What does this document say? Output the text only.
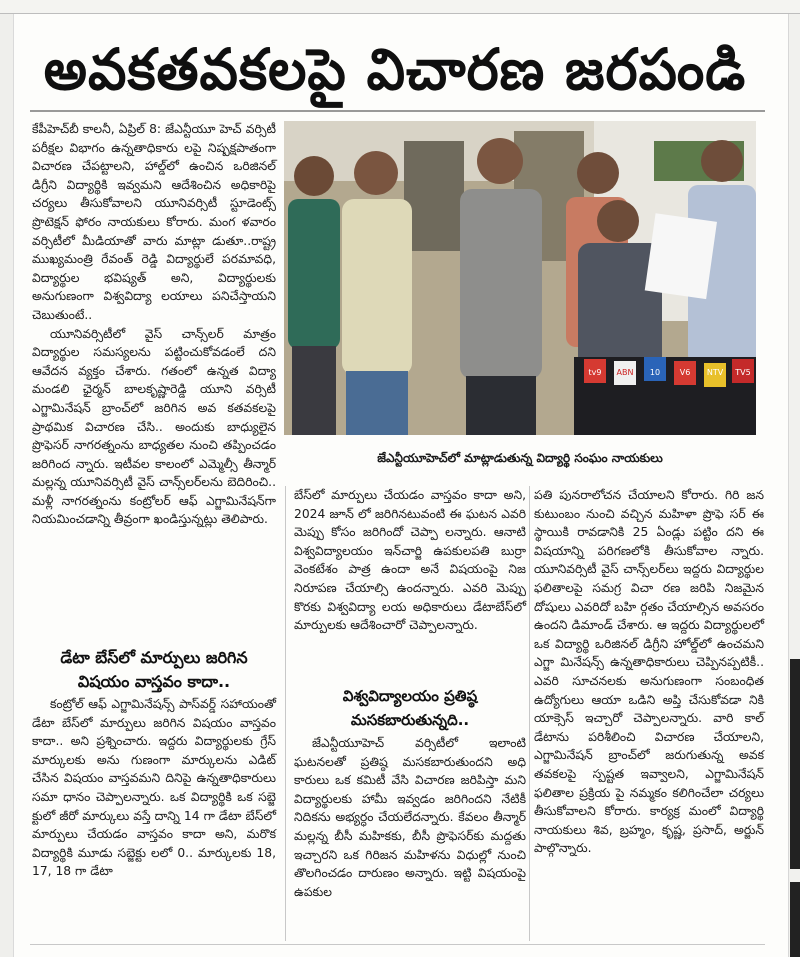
అవకతవకలపై విచారణ జరపండి

కేపీహెచ్‌బీ కాలనీ, ఏప్రిల్ 8: జేఎన్టీయూ హెచ్ వర్సిటీ పరీక్షల విభాగం ఉన్నతాధికారు లపై నిష్పక్షపాతంగా విచారణ చేపట్టాలని, హాల్డ్‌లో ఉంచిన ఒరిజినల్ డిగ్రీని విద్యార్థికి ఇవ్వమని ఆదేశించిన అధికారిపై చర్యలు తీసుకోవాలని యూనివర్సిటీ స్టూడెంట్స్ ప్రొటెక్షన్ ఫోరం నాయకులు కోరారు. మంగ ళవారం వర్సిటీలో మీడియాతో వారు మాట్లా డుతూ..రాష్ట్ర ముఖ్యమంత్రి రేవంత్ రెడ్డి విద్యార్థులే పరమావధి, విద్యార్థుల భవిష్యత్ అని, విద్యార్థులకు అనుగుణంగా విశ్వవిద్యా లయాలు పనిచేస్తాయని చెబుతుంటే..

యూనివర్సిటీలో వైస్ చాన్స్‌లర్ మాత్రం విద్యార్థుల సమస్యలను పట్టించుకోవడంలే దని ఆవేదన వ్యక్తం చేశారు. గతంలో ఉన్నత విద్యా మండలి ఛైర్మన్ బాలకృష్ణారెడ్డి యూని వర్సిటీ ఎగ్జామినేషన్ బ్రాంచ్‌లో జరిగిన అవ కతవకలపై ప్రాథమిక విచారణ చేసి.. అందుకు బాధ్యులైన ప్రొఫెసర్ నాగరత్నంను బాధ్యతల నుంచి తప్పించడం జరిగింద న్నారు. ఇటీవల కాలంలో ఎమ్మెల్సీ తీన్మార్ మల్లన్న యూనివర్సిటీ వైస్ చాన్స్‌లర్‌లను బెదిరించి.. మళ్లీ నాగరత్నంను కంట్రోలర్ ఆఫ్ ఎగ్జామినేషన్‌గా నియమించడాన్ని తీవ్రంగా ఖండిస్తున్నట్లు తెలిపారు.

డేటా బేస్‌లో మార్పులు జరిగిన విషయం వాస్తవం కాదా..

కంట్రోల్ ఆఫ్ ఎగ్జామినేషన్స్ పాస్‌వర్డ్ సహాయంతో డేటా బేస్‌లో మార్పులు జరిగిన విషయం వాస్తవం కాదా.. అని ప్రశ్నించారు. ఇద్దరు విద్యార్థులకు గ్రేస్ మార్కులకు అను గుణంగా మార్కులను ఎడిట్ చేసిన విషయం వాస్తవమని దినిపై ఉన్నతాధికారులు సమా ధానం చెప్పాలన్నారు. ఒక విద్యార్థికి ఒక సబ్జె క్టులో జీరో మార్కులు వస్తే దాన్ని 14 గా డేటా బేస్‌లో మార్పులు చేయడం వాస్తవం కాదా అని, మరొక విద్యార్థికి మూడు సబ్జెక్టు లలో 0.. మార్కులకు 18, 17, 18 గా డేటా

tv9 ABN 10 V6 NTV TV5
జేఎన్టీయూహెచ్‌లో మాట్లాడుతున్న విద్యార్థి సంఘం నాయకులు

బేస్‌లో మార్పులు చేయడం వాస్తవం కాదా అని, 2024 జూన్ లో జరిగినటువంటి ఈ ఘటన ఎవరి మెప్పు కోసం జరిగిందో చెప్పా లన్నారు. ఆనాటి విశ్వవిద్యాలయం ఇన్‌చార్జి ఉపకులపతి బుర్రా వెంకటేశం పాత్ర ఉందా అనే విషయంపై నిజ నిరూపణ చేయాల్సి ఉందన్నారు. ఎవరి మెప్పు కొరకు విశ్వవిద్యా లయ అధికారులు డేటాబేస్‌లో మార్పులకు ఆదేశించారో చెప్పాలన్నారు.

విశ్వవిద్యాలయం ప్రతిష్ఠ మసకబారుతున్నది..

జేఎన్టీయూహెచ్ వర్సిటీలో ఇలాంటి ఘటనలతో ప్రతిష్ఠ మసకబారుతుందని అధి కారులు ఒక కమిటీ వేసి విచారణ జరిపిస్తా మని విద్యార్థులకు హామీ ఇవ్వడం జరిగిందని నేటికీ నిదికను అభ్యర్ధం చేయలేదన్నారు. కేవలం తీన్మార్ మల్లన్న బీసీ మహికకు, బీసీ ప్రొఫెసర్‌కు మద్దతు ఇచ్చారని ఒక గిరిజన మహిళను విధుల్లో నుంచి తొలగించడం దారుణం అన్నారు. ఇట్టి విషయంపై ఉపకుల

పతి పునరాలోచన చేయాలని కోరారు. గిరి జన కుటుంబం నుంచి వచ్చిన మహిళా ప్రొఫె సర్ ఈ స్థాయికి రావడానికి 25 ఏండ్లు పట్టిం దని ఈ విషయాన్ని పరిగణలోకి తీసుకోవాల న్నారు. యూనివర్సిటీ వైస్ చాన్స్‌లర్‌లు ఇద్దరు విద్యార్థుల ఫలితాలపై సమగ్ర విచా రణ జరిపి నిజమైన దోషులు ఎవరిదో బహి ర్గతం చేయాల్సిన అవసరం ఉందని డిమాండ్ చేశారు. ఆ ఇద్దరు విద్యార్థులలో ఒక విద్యార్థి ఒరిజినల్ డిగ్రీని హోల్డ్‌లో ఉంచమని ఎగ్జా మినేషన్స్ ఉన్నతాధికారులు చెప్పినప్పటికీ.. ఎవరి సూచనలకు అనుగుణంగా సంబంధిత ఉద్యోగులు ఆయా ఒడిని అప్తి చేసుకోవడా నికి యాక్సెస్ ఇచ్చారో చెప్పాలన్నారు. వారి కాల్ డేటాను పరిశీలించి విచారణ చేయాలని, ఎగ్జామినేషన్ బ్రాంచ్‌లో జరుగుతున్న అవక తవకలపై స్పష్టత ఇవ్వాలని, ఎగ్జామినేషన్ ఫలితాల ప్రక్రియ పై నమ్మకం కలిగించేలా చర్యలు తీసుకోవాలని కోరారు. కార్యక్ర మంలో విద్యార్థి నాయకులు శివ, బ్రహ్మం, కృష్ణ, ప్రసాద్, అర్జున్ పాల్గొన్నారు.
